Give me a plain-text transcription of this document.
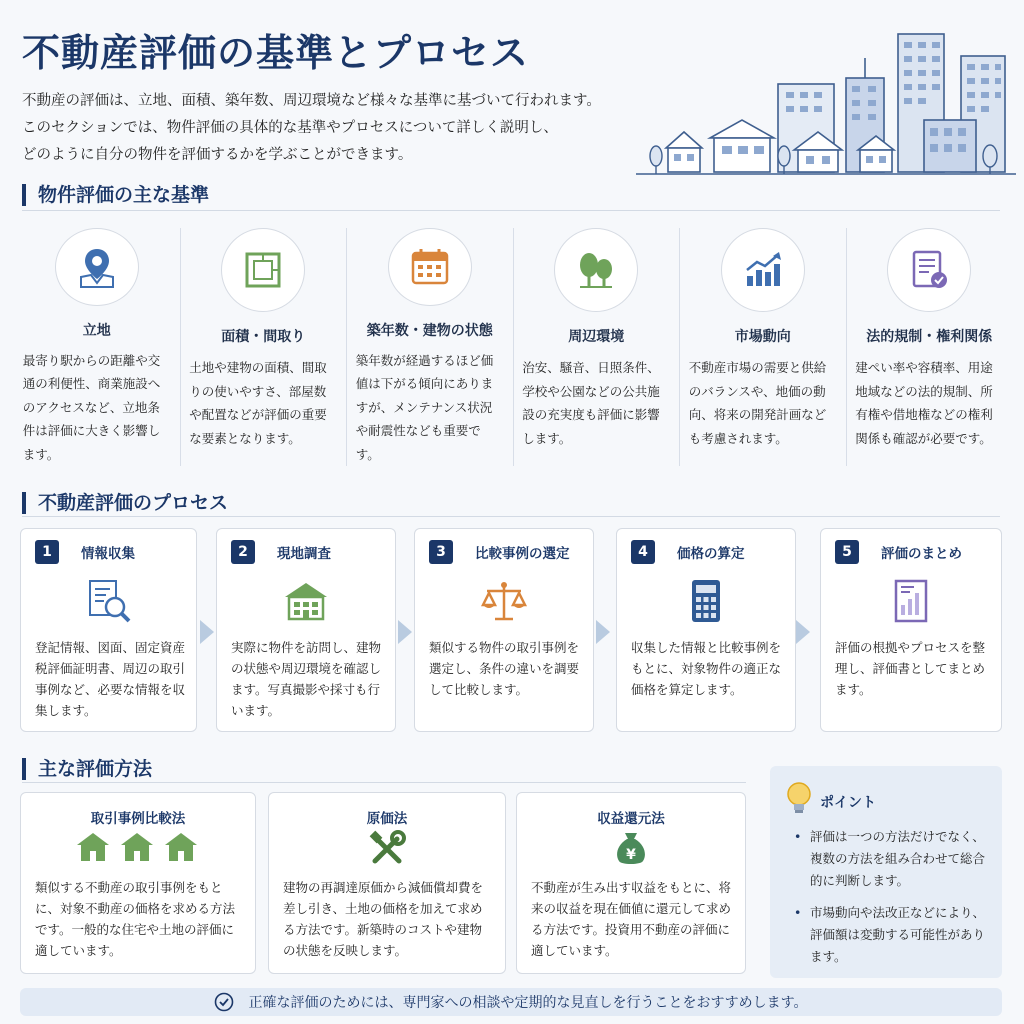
不動産評価の基準とプロセス
不動産の評価は、立地、面積、築年数、周辺環境など様々な基準に基づいて行われます。
このセクションでは、物件評価の具体的な基準やプロセスについて詳しく説明し、
どのように自分の物件を評価するかを学ぶことができます。
物件評価の主な基準
立地
最寄り駅からの距離や交通の利便性、商業施設へのアクセスなど、立地条件は評価に大きく影響します。
面積・間取り
土地や建物の面積、間取りの使いやすさ、部屋数や配置などが評価の重要な要素となります。
築年数・建物の状態
築年数が経過するほど価値は下がる傾向にありますが、メンテナンス状況や耐震性なども重要です。
周辺環境
治安、騒音、日照条件、学校や公園などの公共施設の充実度も評価に影響します。
市場動向
不動産市場の需要と供給のバランスや、地価の動向、将来の開発計画なども考慮されます。
法的規制・権利関係
建ぺい率や容積率、用途地域などの法的規制、所有権や借地権などの権利関係も確認が必要です。
不動産評価のプロセス
1	情報収集
登記情報、図面、固定資産税評価証明書、周辺の取引事例など、必要な情報を収集します。
2	現地調査
実際に物件を訪問し、建物の状態や周辺環境を確認します。写真撮影や採寸も行います。
3	比較事例の選定
類似する物件の取引事例を選定し、条件の違いを調要して比較します。
4	価格の算定
収集した情報と比較事例をもとに、対象物件の適正な価格を算定します。
5	評価のまとめ
評価の根拠やプロセスを整理し、評価書としてまとめます。
主な評価方法
取引事例比較法
類似する不動産の取引事例をもとに、対象不動産の価格を求める方法です。一般的な住宅や土地の評価に適しています。
原価法
建物の再調達原価から減価償却費を差し引き、土地の価格を加えて求める方法です。新築時のコストや建物の状態を反映します。
収益還元法
¥
不動産が生み出す収益をもとに、将来の収益を現在価値に還元して求める方法です。投資用不動産の評価に適しています。
ポイント
• 評価は一つの方法だけでなく、複数の方法を組み合わせて総合的に判断します。
• 市場動向や法改正などにより、評価額は変動する可能性があります。
正確な評価のためには、専門家への相談や定期的な見直しを行うことをおすすめします。
